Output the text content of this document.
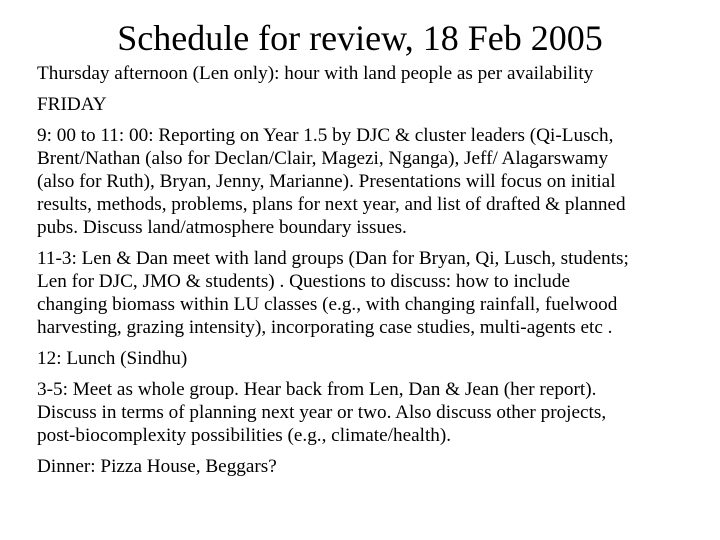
Schedule for review, 18 Feb 2005

Thursday afternoon (Len only): hour with land people as per availability

FRIDAY

9: 00 to 11: 00: Reporting on Year 1.5 by DJC & cluster leaders (Qi-Lusch,
Brent/Nathan (also for Declan/Clair, Magezi, Nganga), Jeff/ Alagarswamy
(also for Ruth), Bryan, Jenny, Marianne). Presentations will focus on initial
results, methods, problems, plans for next year, and list of drafted & planned
pubs. Discuss land/atmosphere boundary issues.

11-3: Len & Dan meet with land groups (Dan for Bryan, Qi, Lusch, students;
Len for DJC, JMO & students) . Questions to discuss: how to include
changing biomass within LU classes (e.g., with changing rainfall, fuelwood
harvesting, grazing intensity), incorporating case studies, multi-agents etc .

12: Lunch (Sindhu)

3-5: Meet as whole group. Hear back from Len, Dan & Jean (her report).
Discuss in terms of planning next year or two. Also discuss other projects,
post-biocomplexity possibilities (e.g., climate/health).

Dinner: Pizza House, Beggars?
